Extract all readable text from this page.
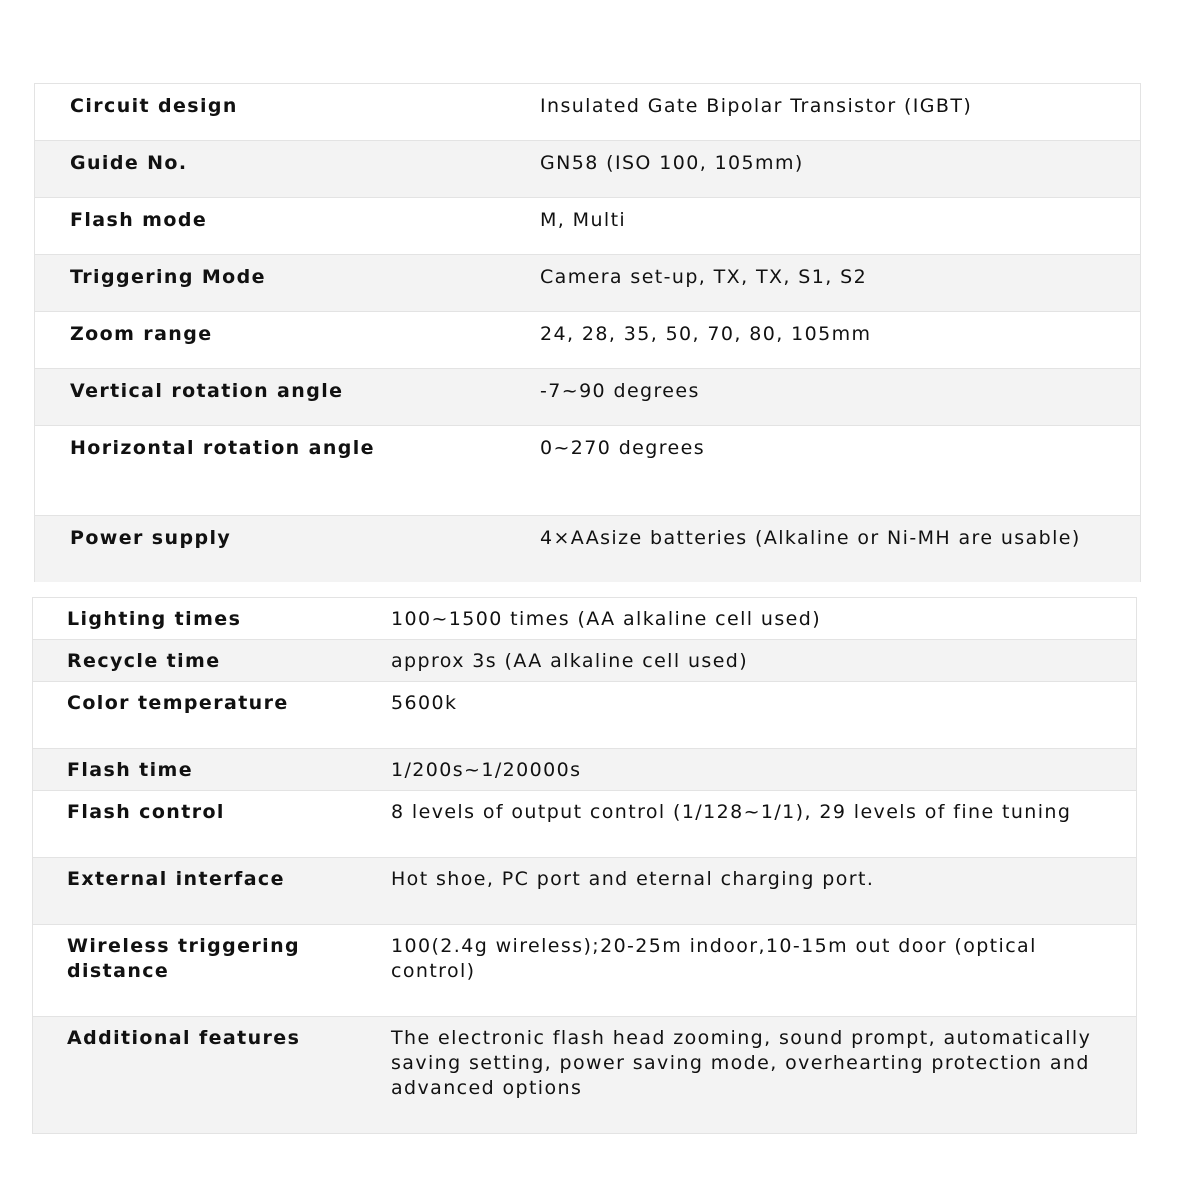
Circuit design	Insulated Gate Bipolar Transistor (IGBT)
Guide No.	GN58 (ISO 100, 105mm)
Flash mode	M, Multi
Triggering Mode	Camera set-up, TX, TX, S1, S2
Zoom range	24, 28, 35, 50, 70, 80, 105mm
Vertical rotation angle	-7~90 degrees
Horizontal rotation angle	0~270 degrees
Power supply	4×AAsize batteries (Alkaline or Ni-MH are usable)
Lighting times	100~1500 times (AA alkaline cell used)
Recycle time	approx 3s (AA alkaline cell used)
Color temperature	5600k
Flash time	1/200s~1/20000s
Flash control	8 levels of output control (1/128~1/1), 29 levels of fine tuning
External interface	Hot shoe, PC port and eternal charging port.
Wireless triggering distance	100(2.4g wireless);20-25m indoor,10-15m out door (optical control)
Additional features	The electronic flash head zooming, sound prompt, automatically saving setting, power saving mode, overhearting protection and advanced options
